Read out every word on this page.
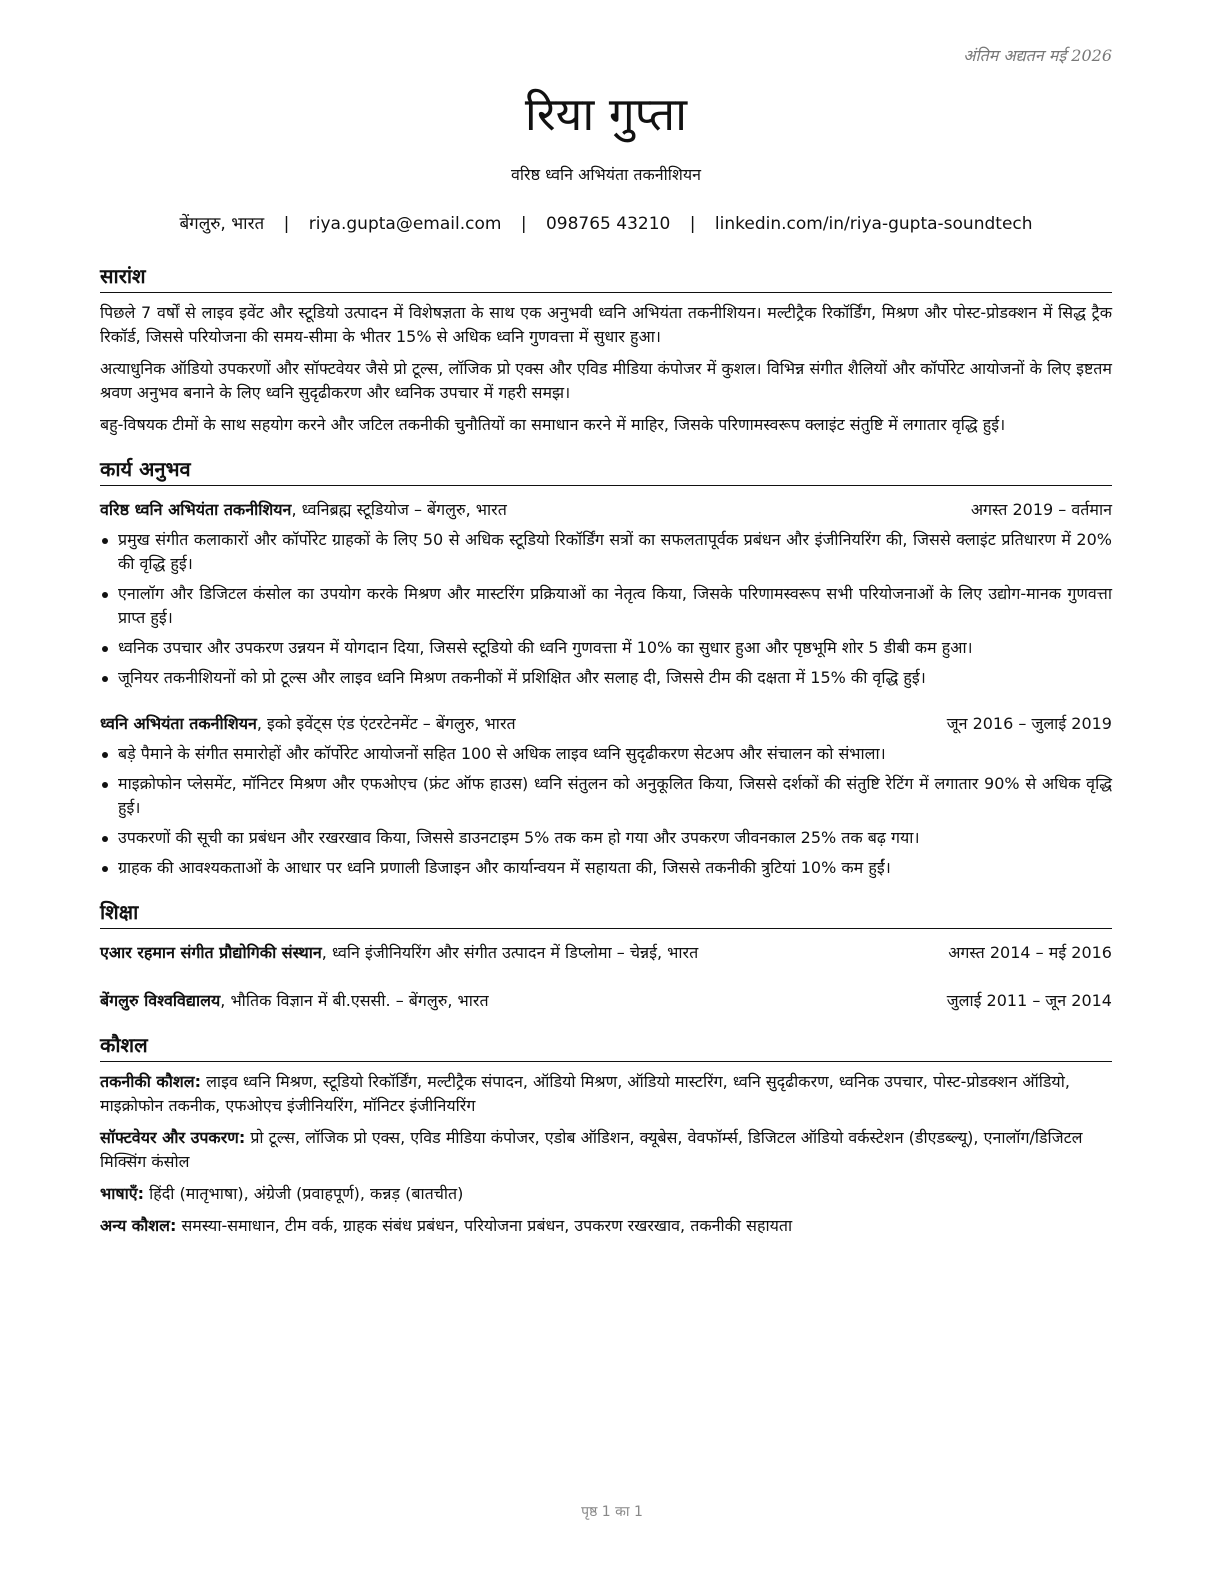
अंतिम अद्यतन मई 2026
रिया गुप्ता
वरिष्ठ ध्वनि अभियंता तकनीशियन
बेंगलुरु, भारत | riya.gupta@email.com | 098765 43210 | linkedin.com/in/riya-gupta-soundtech
सारांश

पिछले 7 वर्षों से लाइव इवेंट और स्टूडियो उत्पादन में विशेषज्ञता के साथ एक अनुभवी ध्वनि अभियंता तकनीशियन। मल्टीट्रैक रिकॉर्डिंग, मिश्रण और पोस्ट-प्रोडक्शन में सिद्ध ट्रैक रिकॉर्ड, जिससे परियोजना की समय-सीमा के भीतर 15% से अधिक ध्वनि गुणवत्ता में सुधार हुआ।

अत्याधुनिक ऑडियो उपकरणों और सॉफ्टवेयर जैसे प्रो टूल्स, लॉजिक प्रो एक्स और एविड मीडिया कंपोजर में कुशल। विभिन्न संगीत शैलियों और कॉर्पोरेट आयोजनों के लिए इष्टतम श्रवण अनुभव बनाने के लिए ध्वनि सुदृढीकरण और ध्वनिक उपचार में गहरी समझ।

बहु-विषयक टीमों के साथ सहयोग करने और जटिल तकनीकी चुनौतियों का समाधान करने में माहिर, जिसके परिणामस्वरूप क्लाइंट संतुष्टि में लगातार वृद्धि हुई।

कार्य अनुभव
वरिष्ठ ध्वनि अभियंता तकनीशियन, ध्वनिब्रह्म स्टूडियोज – बेंगलुरु, भारत	अगस्त 2019 – वर्तमान
प्रमुख संगीत कलाकारों और कॉर्पोरेट ग्राहकों के लिए 50 से अधिक स्टूडियो रिकॉर्डिंग सत्रों का सफलतापूर्वक प्रबंधन और इंजीनियरिंग की, जिससे क्लाइंट प्रतिधारण में 20% की वृद्धि हुई।
एनालॉग और डिजिटल कंसोल का उपयोग करके मिश्रण और मास्टरिंग प्रक्रियाओं का नेतृत्व किया, जिसके परिणामस्वरूप सभी परियोजनाओं के लिए उद्योग-मानक गुणवत्ता प्राप्त हुई।
ध्वनिक उपचार और उपकरण उन्नयन में योगदान दिया, जिससे स्टूडियो की ध्वनि गुणवत्ता में 10% का सुधार हुआ और पृष्ठभूमि शोर 5 डीबी कम हुआ।
जूनियर तकनीशियनों को प्रो टूल्स और लाइव ध्वनि मिश्रण तकनीकों में प्रशिक्षित और सलाह दी, जिससे टीम की दक्षता में 15% की वृद्धि हुई।
ध्वनि अभियंता तकनीशियन, इको इवेंट्स एंड एंटरटेनमेंट – बेंगलुरु, भारत	जून 2016 – जुलाई 2019
बड़े पैमाने के संगीत समारोहों और कॉर्पोरेट आयोजनों सहित 100 से अधिक लाइव ध्वनि सुदृढीकरण सेटअप और संचालन को संभाला।
माइक्रोफोन प्लेसमेंट, मॉनिटर मिश्रण और एफओएच (फ्रंट ऑफ हाउस) ध्वनि संतुलन को अनुकूलित किया, जिससे दर्शकों की संतुष्टि रेटिंग में लगातार 90% से अधिक वृद्धि हुई।
उपकरणों की सूची का प्रबंधन और रखरखाव किया, जिससे डाउनटाइम 5% तक कम हो गया और उपकरण जीवनकाल 25% तक बढ़ गया।
ग्राहक की आवश्यकताओं के आधार पर ध्वनि प्रणाली डिजाइन और कार्यान्वयन में सहायता की, जिससे तकनीकी त्रुटियां 10% कम हुईं।
शिक्षा
एआर रहमान संगीत प्रौद्योगिकी संस्थान, ध्वनि इंजीनियरिंग और संगीत उत्पादन में डिप्लोमा – चेन्नई, भारत	अगस्त 2014 – मई 2016
बेंगलुरु विश्वविद्यालय, भौतिक विज्ञान में बी.एससी. – बेंगलुरु, भारत	जुलाई 2011 – जून 2014
कौशल
तकनीकी कौशल: लाइव ध्वनि मिश्रण, स्टूडियो रिकॉर्डिंग, मल्टीट्रैक संपादन, ऑडियो मिश्रण, ऑडियो मास्टरिंग, ध्वनि सुदृढीकरण, ध्वनिक उपचार, पोस्ट-प्रोडक्शन ऑडियो, माइक्रोफोन तकनीक, एफओएच इंजीनियरिंग, मॉनिटर इंजीनियरिंग
सॉफ्टवेयर और उपकरण: प्रो टूल्स, लॉजिक प्रो एक्स, एविड मीडिया कंपोजर, एडोब ऑडिशन, क्यूबेस, वेवफॉर्म्स, डिजिटल ऑडियो वर्कस्टेशन (डीएडब्ल्यू), एनालॉग/डिजिटल मिक्सिंग कंसोल
भाषाएँ: हिंदी (मातृभाषा), अंग्रेजी (प्रवाहपूर्ण), कन्नड़ (बातचीत)
अन्य कौशल: समस्या-समाधान, टीम वर्क, ग्राहक संबंध प्रबंधन, परियोजना प्रबंधन, उपकरण रखरखाव, तकनीकी सहायता
पृष्ठ 1 का 1
